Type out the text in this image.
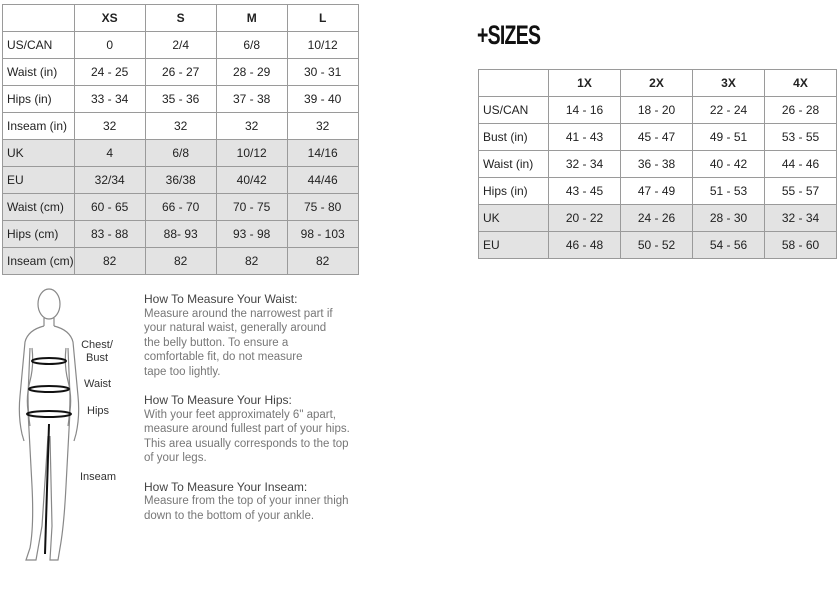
	XS	S	M	L
US/CAN	0	2/4	6/8	10/12
Waist (in)	24 - 25	26 - 27	28 - 29	30 - 31
Hips (in)	33 - 34	35 - 36	37 - 38	39 - 40
Inseam (in)	32	32	32	32
UK	4	6/8	10/12	14/16
EU	32/34	36/38	40/42	44/46
Waist (cm)	60 - 65	66 - 70	70 - 75	75 - 80
Hips (cm)	83 - 88	88- 93	93 - 98	98 - 103
Inseam (cm)	82	82	82	82
+SIZES
	1X	2X	3X	4X
US/CAN	14 - 16	18 - 20	22 - 24	26 - 28
Bust (in)	41 - 43	45 - 47	49 - 51	53 - 55
Waist (in)	32 - 34	36 - 38	40 - 42	44 - 46
Hips (in)	43 - 45	47 - 49	51 - 53	55 - 57
UK	20 - 22	24 - 26	28 - 30	32 - 34
EU	46 - 48	50 - 52	54 - 56	58 - 60
Chest/
Bust
Waist
Hips
Inseam

How To Measure Your Waist:

Measure around the narrowest part if

your natural waist, generally around

the belly button. To ensure a

comfortable fit, do not measure

tape too lightly.

How To Measure Your Hips:

With your feet approximately 6" apart,

measure around fullest part of your hips.

This area usually corresponds to the top

of your legs.

How To Measure Your Inseam:

Measure from the top of your inner thigh

down to the bottom of your ankle.
